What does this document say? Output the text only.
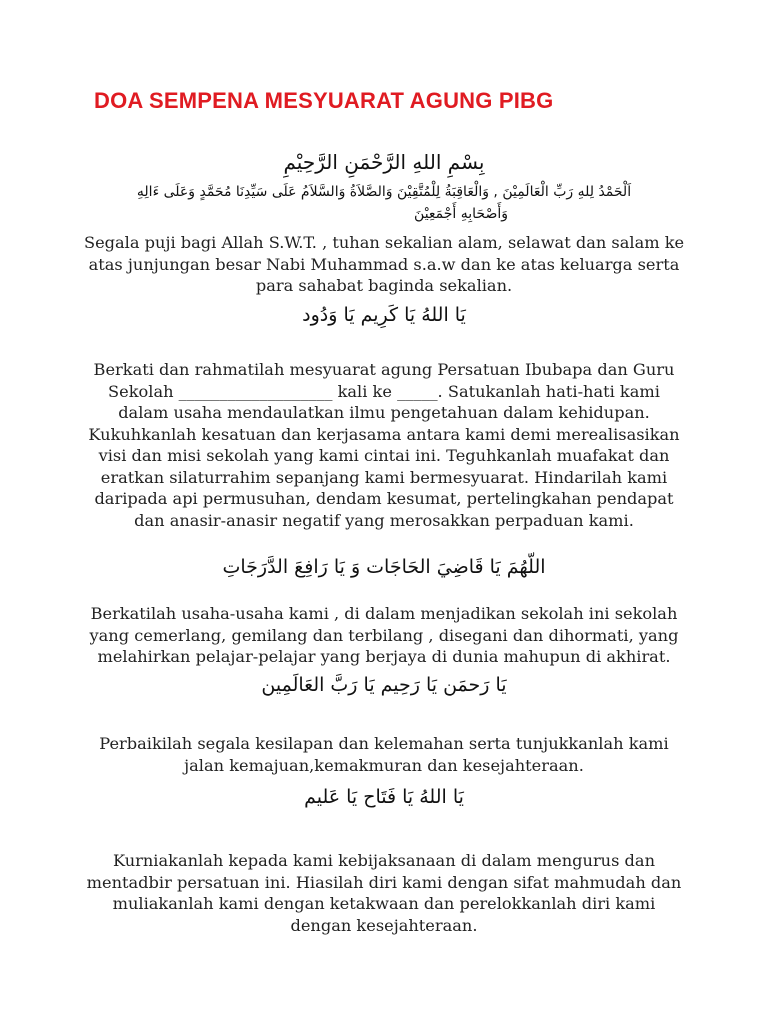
DOA SEMPENA MESYUARAT AGUNG PIBG
بِسْمِ اللهِ الرَّحْمَنِ الرَّحِيْمِ
اَلْحَمْدُ لِلهِ رَبِّ الْعَالَمِيْنَ , وَالْعَاقِبَةُ لِلْمُتَّقِيْنَ وَالصَّلاَةُ وَالسَّلاَمُ عَلَى سَيِّدِنَا مُحَمَّدٍ وَعَلَى ءَالِهِ
وَأَصْحَابِهِ أَجْمَعِيْنَ
Segala puji bagi Allah S.W.T. , tuhan sekalian alam, selawat dan salam ke
atas junjungan besar Nabi Muhammad s.a.w dan ke atas keluarga serta
para sahabat baginda sekalian.
يَا اللهُ يَا كَرِيم يَا وَدُود
Berkati dan rahmatilah mesyuarat agung Persatuan Ibubapa dan Guru
Sekolah ___________________ kali ke _____. Satukanlah hati-hati kami
dalam usaha mendaulatkan ilmu pengetahuan dalam kehidupan.
Kukuhkanlah kesatuan dan kerjasama antara kami demi merealisasikan
visi dan misi sekolah yang kami cintai ini. Teguhkanlah muafakat dan
eratkan silaturrahim sepanjang kami bermesyuarat. Hindarilah kami
daripada api permusuhan, dendam kesumat, pertelingkahan pendapat
dan anasir-anasir negatif yang merosakkan perpaduan kami.
اللّهُمَ يَا قَاضِيَ الحَاجَات وَ يَا رَافِعَ الدَّرَجَاتِ
Berkatilah usaha-usaha kami , di dalam menjadikan sekolah ini sekolah
yang cemerlang, gemilang dan terbilang , disegani dan dihormati, yang
melahirkan pelajar-pelajar yang berjaya di dunia mahupun di akhirat.
يَا رَحمَن يَا رَحِيم يَا رَبَّ العَالَمِين
Perbaikilah segala kesilapan dan kelemahan serta tunjukkanlah kami
jalan kemajuan,kemakmuran dan kesejahteraan.
يَا اللهُ يَا فَتَاح يَا عَليم
Kurniakanlah kepada kami kebijaksanaan di dalam mengurus dan
mentadbir persatuan ini. Hiasilah diri kami dengan sifat mahmudah dan
muliakanlah kami dengan ketakwaan dan perelokkanlah diri kami
dengan kesejahteraan.
